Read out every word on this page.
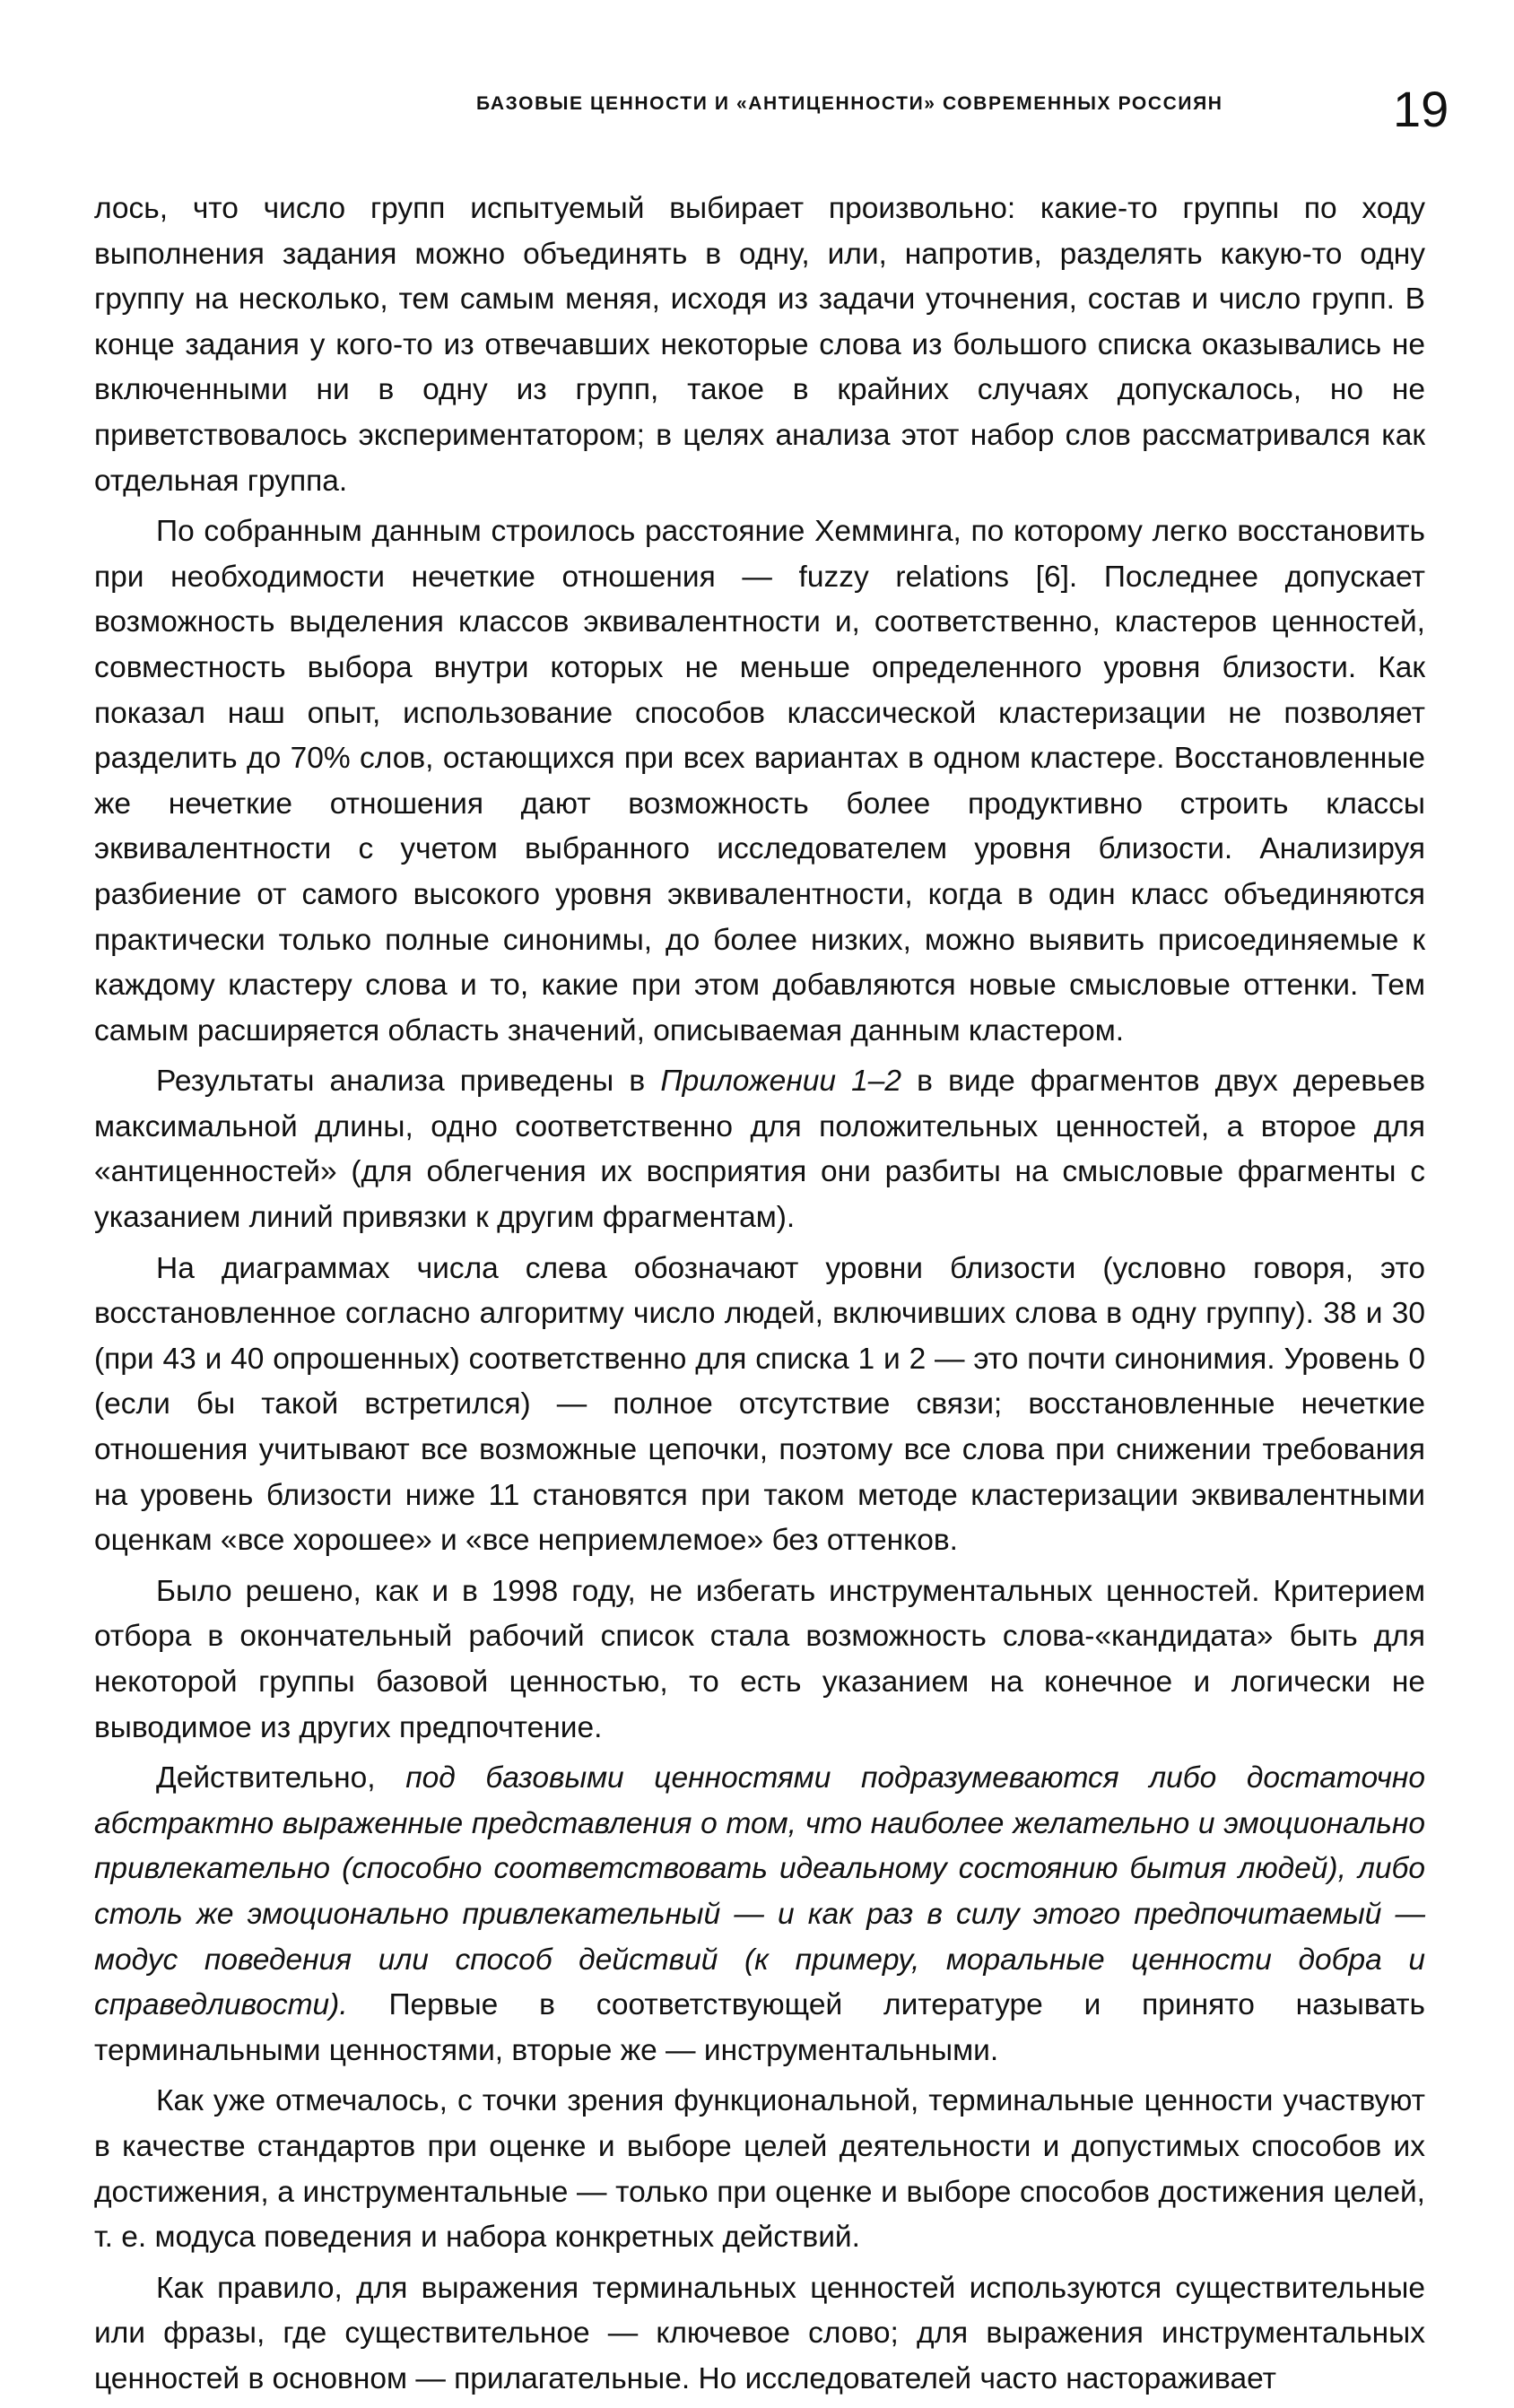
БАЗОВЫЕ ЦЕННОСТИ И «АНТИЦЕННОСТИ» СОВРЕМЕННЫХ РОССИЯН	19

лось, что число групп испытуемый выбирает произвольно: какие-то группы по ходу выполнения задания можно объединять в одну, или, напротив, разделять какую-то одну группу на несколько, тем самым меняя, исходя из задачи уточнения, состав и число групп. В конце задания у кого-то из отвечавших некоторые слова из большого списка оказывались не включенными ни в одну из групп, такое в крайних случаях допускалось, но не приветствовалось экспериментатором; в целях анализа этот набор слов рассматривался как отдельная группа.

По собранным данным строилось расстояние Хемминга, по которому легко восстановить при необходимости нечеткие отношения — fuzzy relations [6]. Последнее допускает возможность выделения классов эквивалентности и, соответственно, кластеров ценностей, совместность выбора внутри которых не меньше определенного уровня близости. Как показал наш опыт, использование способов классической кластеризации не позволяет разделить до 70% слов, остающихся при всех вариантах в одном кластере. Восстановленные же нечеткие отношения дают возможность более продуктивно строить классы эквивалентности с учетом выбранного исследователем уровня близости. Анализируя разбиение от самого высокого уровня эквивалентности, когда в один класс объединяются практически только полные синонимы, до более низких, можно выявить присоединяемые к каждому кластеру слова и то, какие при этом добавляются новые смысловые оттенки. Тем самым расширяется область значений, описываемая данным кластером.

Результаты анализа приведены в Приложении 1–2 в виде фрагментов двух деревьев максимальной длины, одно соответственно для положительных ценностей, а второе для «антиценностей» (для облегчения их восприятия они разбиты на смысловые фрагменты с указанием линий привязки к другим фрагментам).

На диаграммах числа слева обозначают уровни близости (условно говоря, это восстановленное согласно алгоритму число людей, включивших слова в одну группу). 38 и 30 (при 43 и 40 опрошенных) соответственно для списка 1 и 2 — это почти синонимия. Уровень 0 (если бы такой встретился) — полное отсутствие связи; восстановленные нечеткие отношения учитывают все возможные цепочки, поэтому все слова при снижении требования на уровень близости ниже 11 становятся при таком методе кластеризации эквивалентными оценкам «все хорошее» и «все неприемлемое» без оттенков.

Было решено, как и в 1998 году, не избегать инструментальных ценностей. Критерием отбора в окончательный рабочий список стала возможность слова-«кандидата» быть для некоторой группы базовой ценностью, то есть указанием на конечное и логически не выводимое из других предпочтение.

Действительно, под базовыми ценностями подразумеваются либо достаточно абстрактно выраженные представления о том, что наиболее желательно и эмоционально привлекательно (способно соответствовать идеальному состоянию бытия людей), либо столь же эмоционально привлекательный — и как раз в силу этого предпочитаемый — модус поведения или способ действий (к примеру, моральные ценности добра и справедливости). Первые в соответствующей литературе и принято называть терминальными ценностями, вторые же — инструментальными.

Как уже отмечалось, с точки зрения функциональной, терминальные ценности участвуют в качестве стандартов при оценке и выборе целей деятельности и допустимых способов их достижения, а инструментальные — только при оценке и выборе способов достижения целей, т. е. модуса поведения и набора конкретных действий.

Как правило, для выражения терминальных ценностей используются существительные или фразы, где существительное — ключевое слово; для выражения инструментальных ценностей в основном — прилагательные. Но исследователей часто настораживает
